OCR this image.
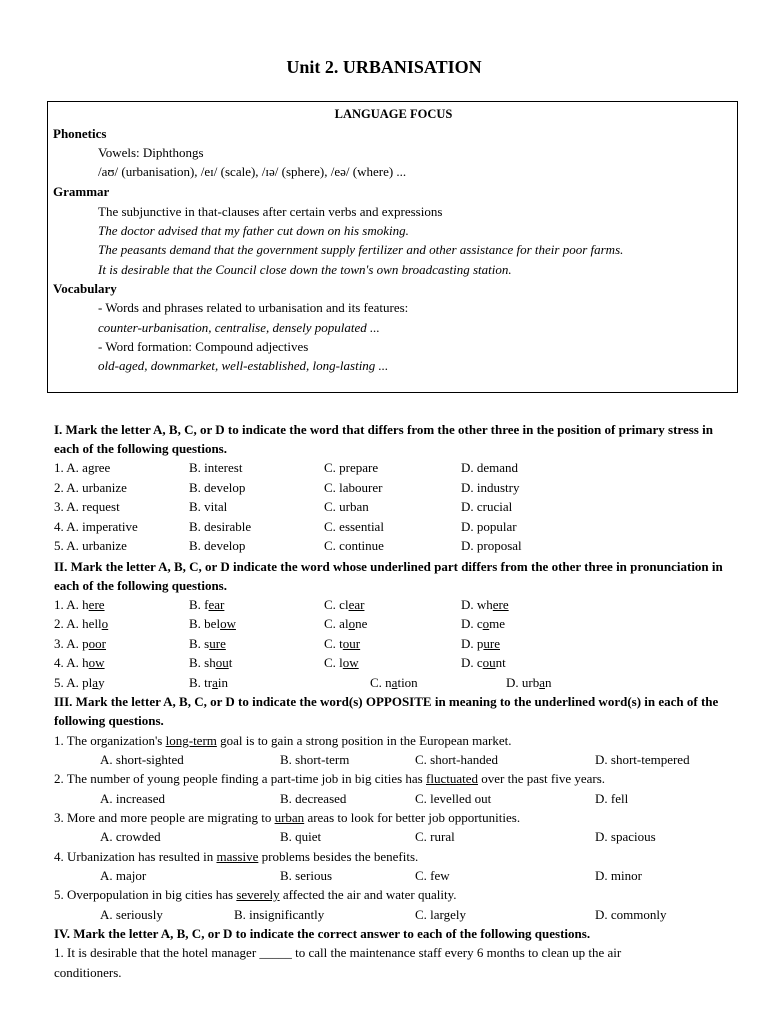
Unit 2. URBANISATION
LANGUAGE FOCUS
Phonetics
Vowels: Diphthongs
/aʊ/ (urbanisation), /eɪ/ (scale), /ɪə/ (sphere), /eə/ (where) ...
Grammar
The subjunctive in that-clauses after certain verbs and expressions
The doctor advised that my father cut down on his smoking.
The peasants demand that the government supply fertilizer and other assistance for their poor farms.
It is desirable that the Council close down the town's own broadcasting station.
Vocabulary
- Words and phrases related to urbanisation and its features:
counter-urbanisation, centralise, densely populated ...
- Word formation: Compound adjectives
old-aged, downmarket, well-established, long-lasting ...
I. Mark the letter A, B, C, or D to indicate the word that differs from the other three in the position of primary stress in each of the following questions.
1. A. agree	B. interest	C. prepare	D. demand
2. A. urbanize	B. develop	C. labourer	D. industry
3. A. request	B. vital	C. urban	D. crucial
4. A. imperative	B. desirable	C. essential	D. popular
5. A. urbanize	B. develop	C. continue	D. proposal
II. Mark the letter A, B, C, or D indicate the word whose underlined part differs from the other three in pronunciation in each of the following questions.
1. A. here	B. fear	C. clear	D. where
2. A. hello	B. below	C. alone	D. come
3. A. poor	B. sure	C. tour	D. pure
4. A. how	B. shout	C. low	D. count
5. A. play	B. train	C. nation	D. urban
III. Mark the letter A, B, C, or D to indicate the word(s) OPPOSITE in meaning to the underlined word(s) in each of the following questions.
1. The organization's long-term goal is to gain a strong position in the European market.
A. short-sighted	B. short-term	C. short-handed	D. short-tempered
2. The number of young people finding a part-time job in big cities has fluctuated over the past five years.
A. increased	B. decreased	C. levelled out	D. fell
3. More and more people are migrating to urban areas to look for better job opportunities.
A. crowded	B. quiet	C. rural	D. spacious
4. Urbanization has resulted in massive problems besides the benefits.
A. major	B. serious	C. few	D. minor
5. Overpopulation in big cities has severely affected the air and water quality.
A. seriously	B. insignificantly	C. largely	D. commonly
IV. Mark the letter A, B, C, or D to indicate the correct answer to each of the following questions.
1. It is desirable that the hotel manager _____ to call the maintenance staff every 6 months to clean up the air
conditioners.
